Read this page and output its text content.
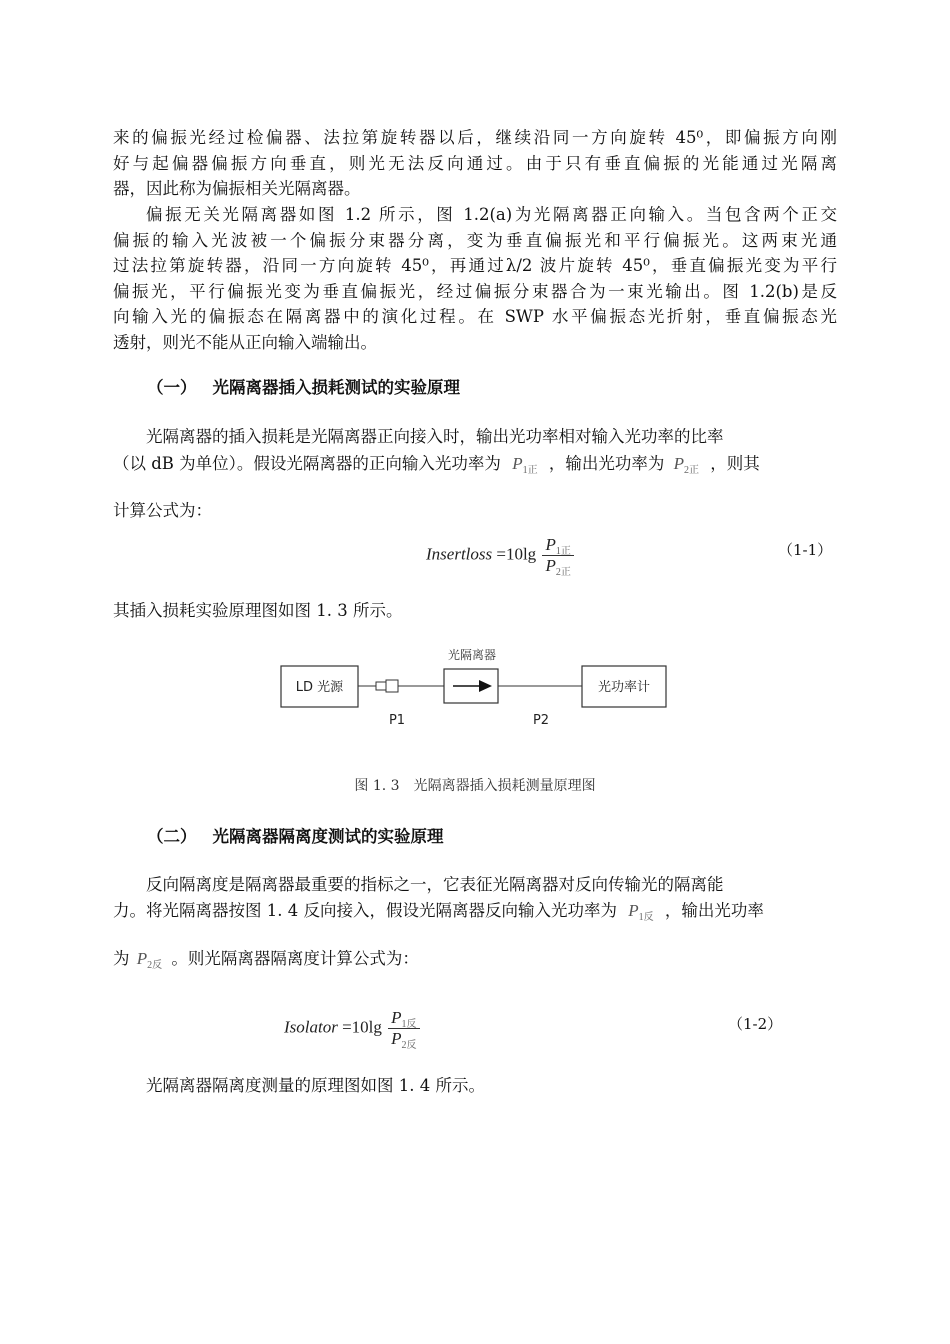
来的偏振光经过检偏器、法拉第旋转器以后，继续沿同一方向旋转 45⁰，即偏振方向刚
好与起偏器偏振方向垂直，则光无法反向通过。由于只有垂直偏振的光能通过光隔离
器，因此称为偏振相关光隔离器。
偏振无关光隔离器如图 1.2 所示，图 1.2(a)为光隔离器正向输入。当包含两个正交
偏振的输入光波被一个偏振分束器分离，变为垂直偏振光和平行偏振光。这两束光通
过法拉第旋转器，沿同一方向旋转 45⁰，再通过λ/2 波片旋转 45⁰，垂直偏振光变为平行
偏振光，平行偏振光变为垂直偏振光，经过偏振分束器合为一束光输出。图 1.2(b)是反
向输入光的偏振态在隔离器中的演化过程。在 SWP 水平偏振态光折射，垂直偏振态光
透射，则光不能从正向输入端输出。
（一） 光隔离器插入损耗测试的实验原理
光隔离器的插入损耗是光隔离器正向接入时，输出光功率相对输入光功率的比率
（以 dB 为单位）。假设光隔离器的正向输入光功率为 $P_{1正}$ ，输出光功率为 $P_{2正}$ ，则其
计算公式为：
Insertloss $=10\lg \frac{P_{1正}}{P_{2正}}$	（1-1）
其插入损耗实验原理图如图 1. 3 所示。
LD 光源
光隔离器
光功率计
P1	P2
图 1. 3　光隔离器插入损耗测量原理图
（二） 光隔离器隔离度测试的实验原理
反向隔离度是隔离器最重要的指标之一，它表征光隔离器对反向传输光的隔离能
力。将光隔离器按图 1. 4 反向接入，假设光隔离器反向输入光功率为 $P_{1反}$ ，输出光功率
为 $P_{2反}$ 。则光隔离器隔离度计算公式为：
Isolator $=10\lg \frac{P_{1反}}{P_{2反}}$	（1-2）
光隔离器隔离度测量的原理图如图 1. 4 所示。
